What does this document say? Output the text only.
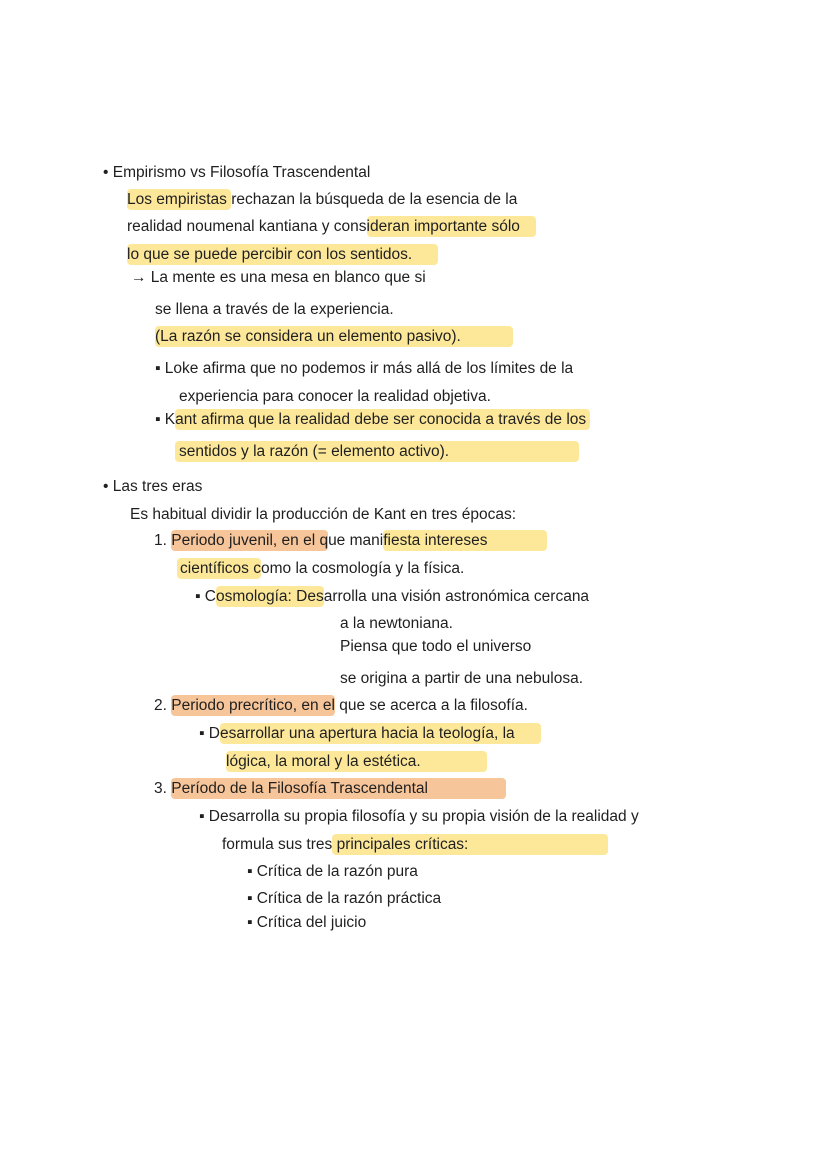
• Empirismo vs Filosofía Trascendental
Los empiristas rechazan la búsqueda de la esencia de la
realidad noumenal kantiana y consideran importante sólo
lo que se puede percibir con los sentidos.
→ La mente es una mesa en blanco que si
se llena a través de la experiencia.
(La razón se considera un elemento pasivo).
▪ Loke afirma que no podemos ir más allá de los límites de la
experiencia para conocer la realidad objetiva.
▪ Kant afirma que la realidad debe ser conocida a través de los
sentidos y la razón (= elemento activo).
• Las tres eras
Es habitual dividir la producción de Kant en tres épocas:
1. Periodo juvenil, en el que manifiesta intereses
científicos como la cosmología y la física.
▪ Cosmología: Desarrolla una visión astronómica cercana
a la newtoniana.
Piensa que todo el universo
se origina a partir de una nebulosa.
2. Periodo precrítico, en el que se acerca a la filosofía.
▪ Desarrollar una apertura hacia la teología, la
lógica, la moral y la estética.
3. Período de la Filosofía Trascendental
▪ Desarrolla su propia filosofía y su propia visión de la realidad y
formula sus tres principales críticas:
▪ Crítica de la razón pura
▪ Crítica de la razón práctica
▪ Crítica del juicio
